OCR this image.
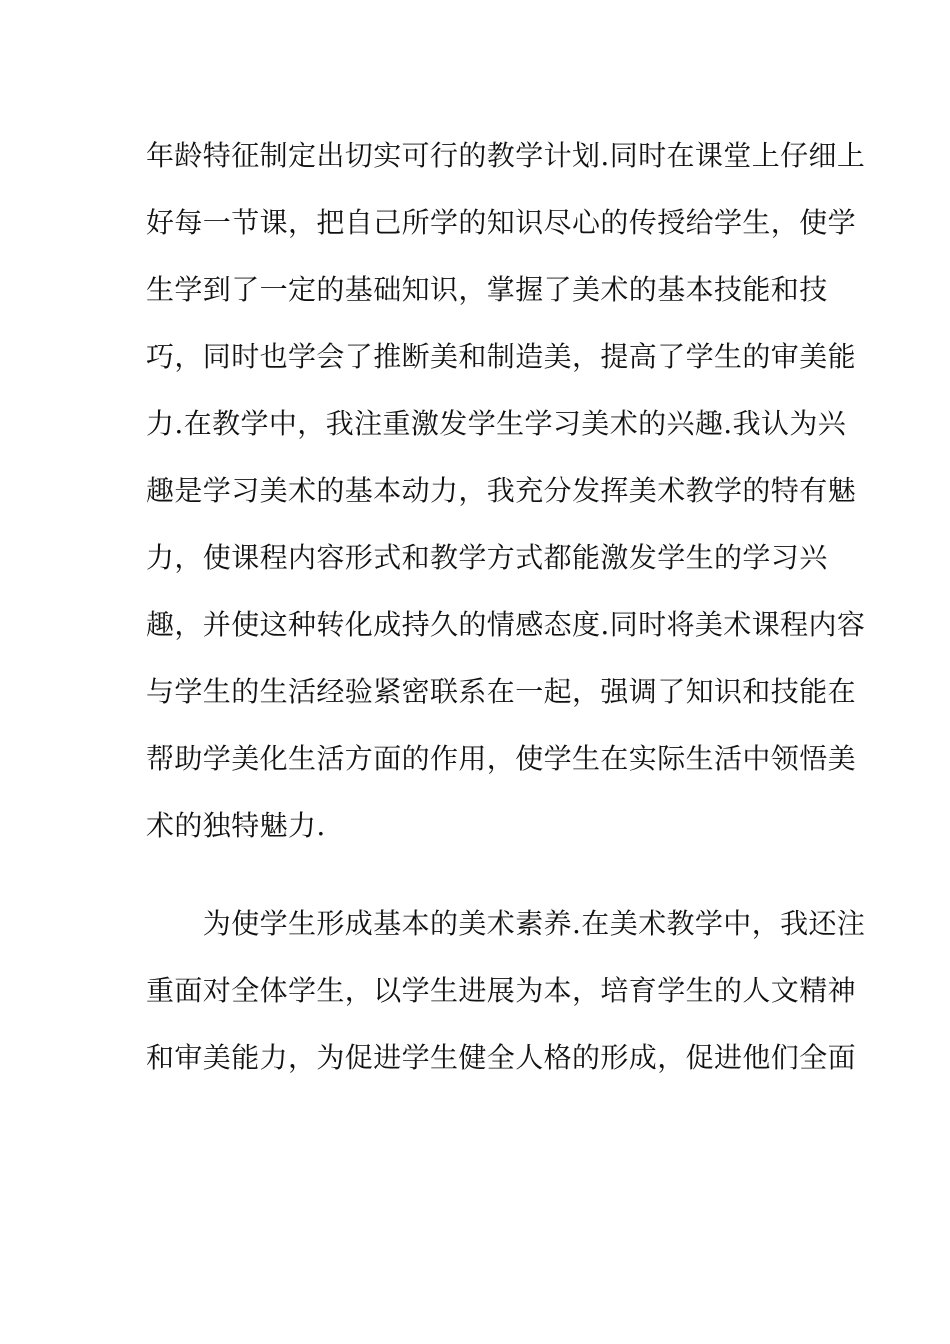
年龄特征制定出切实可行的教学计划.同时在课堂上仔细上
好每一节课，把自己所学的知识尽心的传授给学生，使学
生学到了一定的基础知识，掌握了美术的基本技能和技
巧，同时也学会了推断美和制造美，提高了学生的审美能
力.在教学中，我注重激发学生学习美术的兴趣.我认为兴
趣是学习美术的基本动力，我充分发挥美术教学的特有魅
力，使课程内容形式和教学方式都能激发学生的学习兴
趣，并使这种转化成持久的情感态度.同时将美术课程内容
与学生的生活经验紧密联系在一起，强调了知识和技能在
帮助学美化生活方面的作用，使学生在实际生活中领悟美
术的独特魅力.
　　为使学生形成基本的美术素养.在美术教学中，我还注
重面对全体学生，以学生进展为本，培育学生的人文精神
和审美能力，为促进学生健全人格的形成，促进他们全面
